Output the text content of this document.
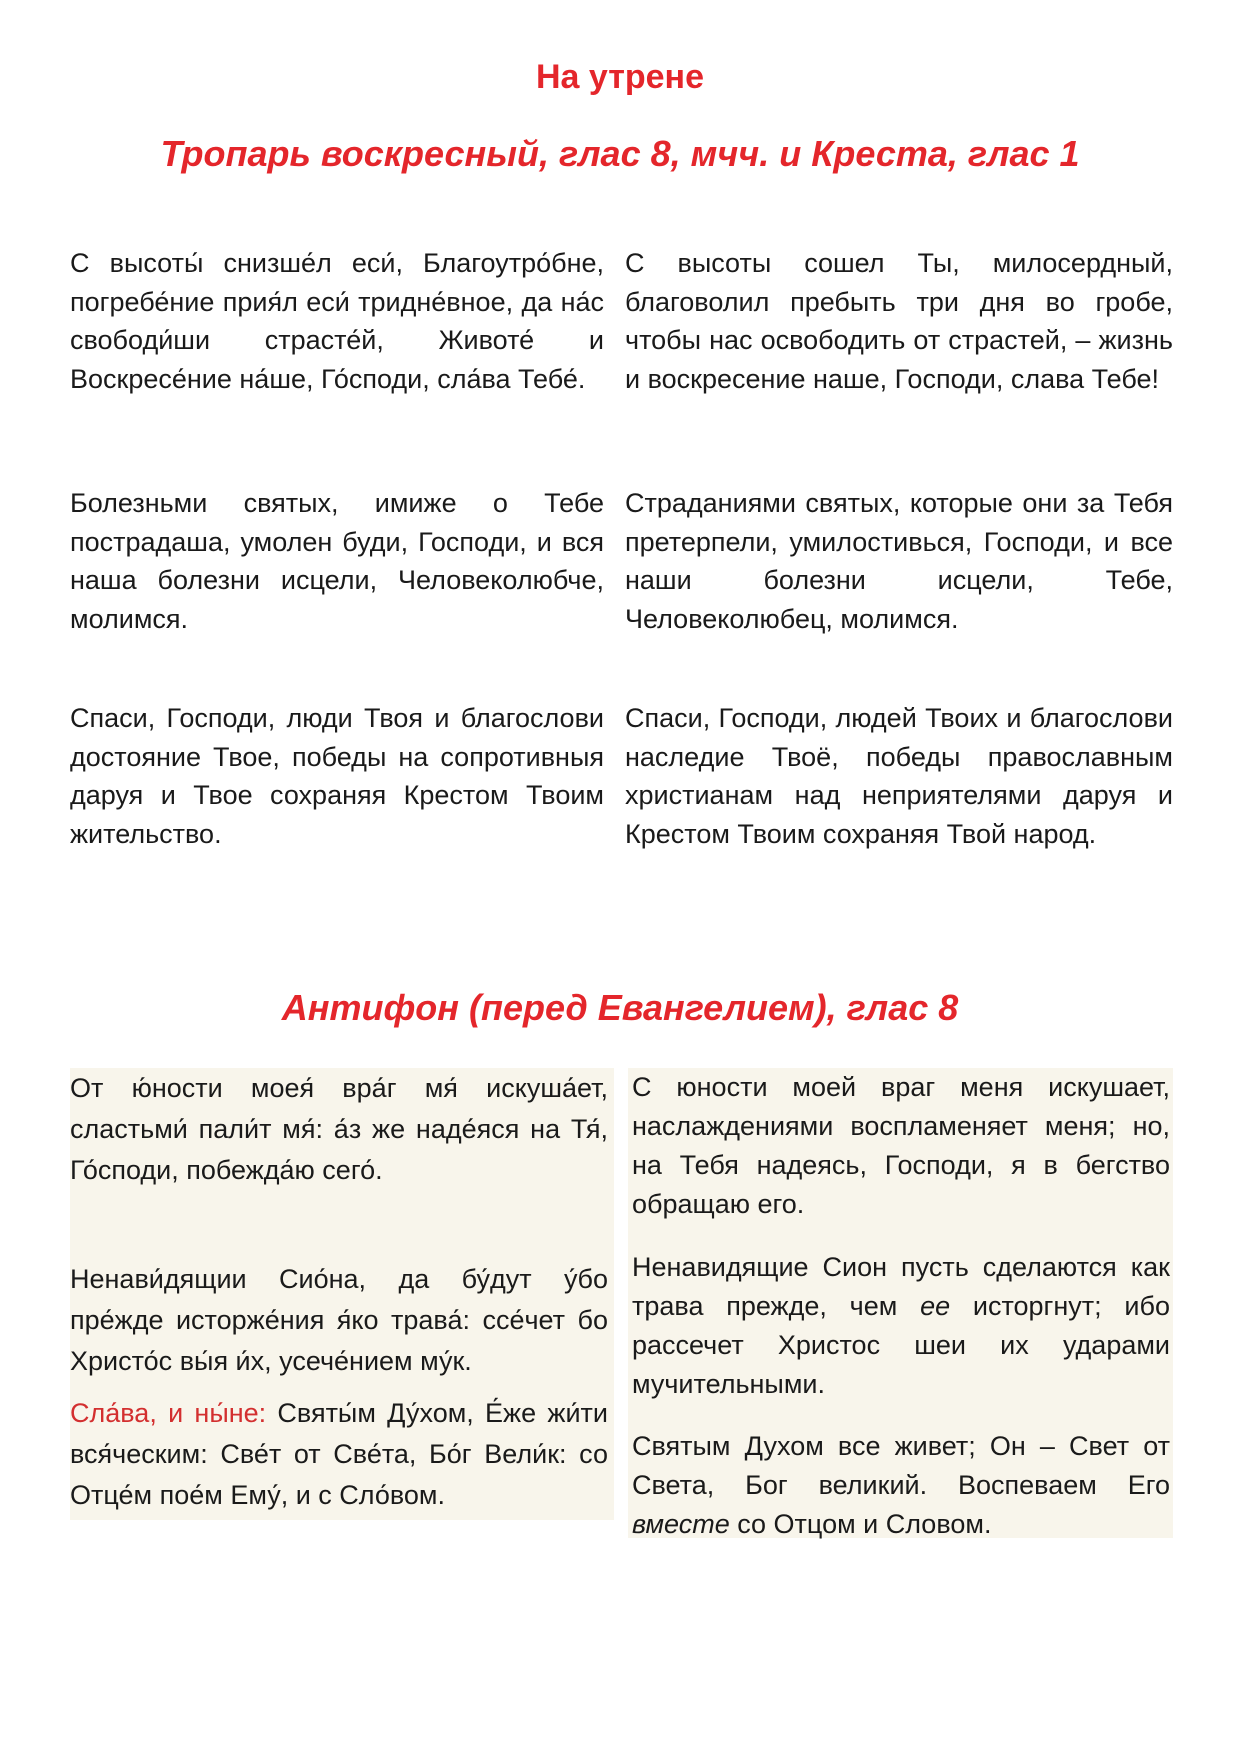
На утрене
Тропарь воскресный, глас 8, мчч. и Креста, глас 1

С высоты́ снизше́л еси́, Благоутро́бне, погребе́ние прия́л еси́ тридне́вное, да на́с свободи́ши страсте́й, Животе́ и Воскресе́ние на́ше, Го́споди, сла́ва Тебе́.

С высоты сошел Ты, милосердный, благоволил пребыть три дня во гробе, чтобы нас освободить от страстей, – жизнь и воскресение наше, Господи, слава Тебе!

Болезньми святых, имиже о Тебе пострадаша, умолен буди, Господи, и вся наша болезни исцели, Человеколюбче, молимся.

Страданиями святых, которые они за Тебя претерпели, умилостивься, Господи, и все наши болезни исцели, Тебе, Человеколюбец, молимся.

Спаси, Господи, люди Твоя и благослови достояние Твое, победы на сопротивныя даруя и Твое сохраняя Крестом Твоим жительство.

Спаси, Господи, людей Твоих и благослови наследие Твоё, победы православным христианам над неприятелями даруя и Крестом Твоим сохраняя Твой народ.

Антифон (перед Евангелием), глас 8

От ю́ности моея́ вра́г мя́ искуша́ет, сластьми́ пали́т мя́: а́з же наде́яся на Тя́, Го́споди, побежда́ю сего́.

Ненави́дящии Сио́на, да бу́дут у́бо пре́жде исторже́ния я́ко трава́: ссе́чет бо Христо́с вы́я и́х, усече́нием му́к.

Сла́ва, и ны́не: Святы́м Ду́хом, Е́же жи́ти вся́ческим: Све́т от Све́та, Бо́г Вели́к: со Отце́м пое́м Ему́, и с Сло́вом.

С юности моей враг меня искушает, наслаждениями воспламеняет меня; но, на Тебя надеясь, Господи, я в бегство обращаю его.

Ненавидящие Сион пусть сделаются как трава прежде, чем ее исторгнут; ибо рассечет Христос шеи их ударами мучительными.

Святым Духом все живет; Он – Свет от Света, Бог великий. Воспеваем Его вместе со Отцом и Словом.
